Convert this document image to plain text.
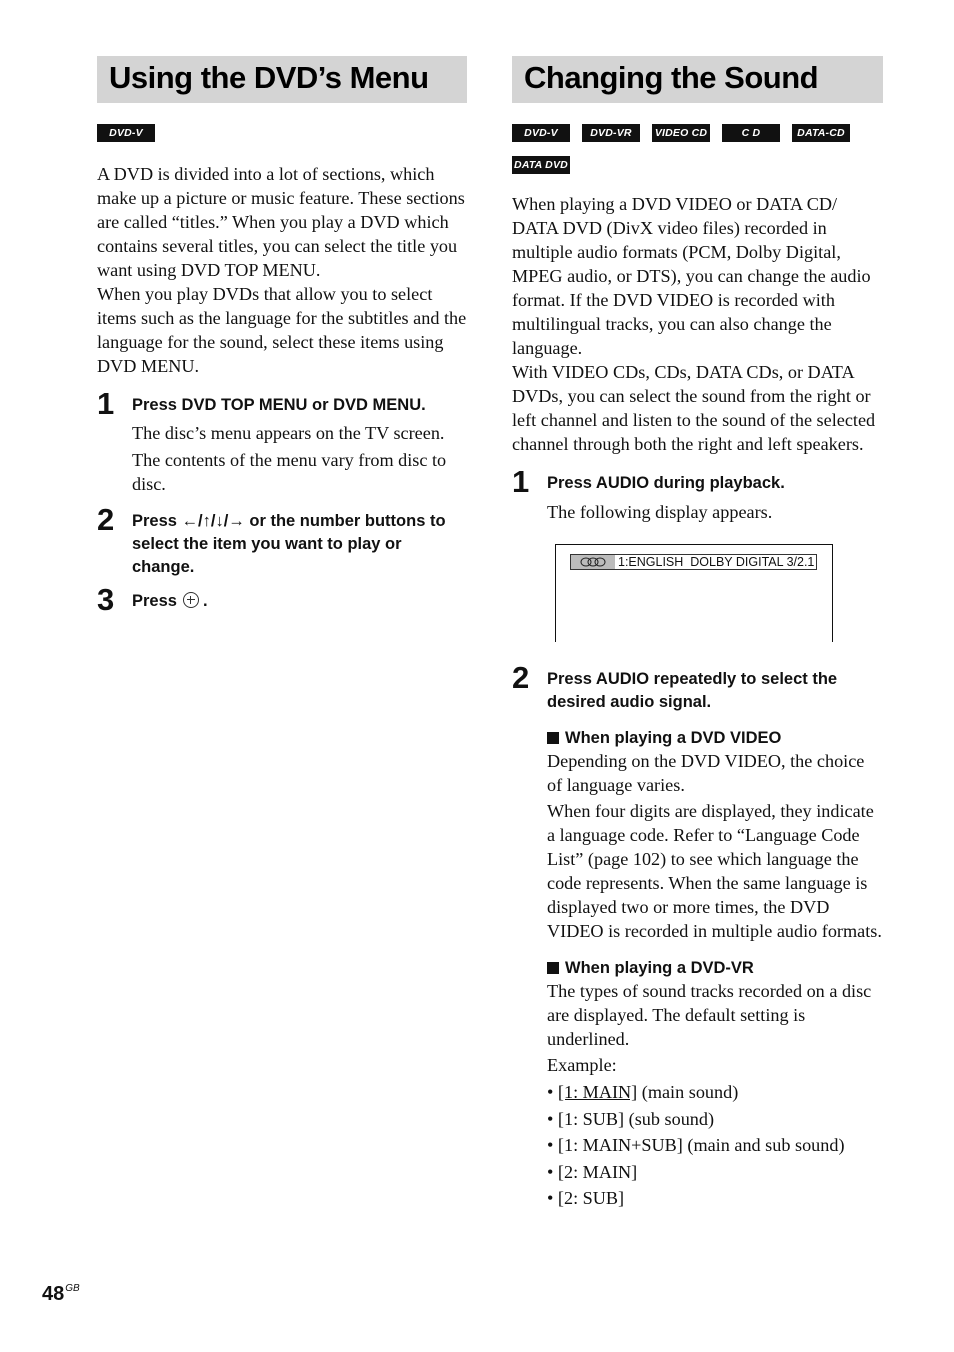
Using the DVD’s Menu
DVD-V

A DVD is divided into a lot of sections, which make up a picture or music feature. These sections are called “titles.” When you play a DVD which contains several titles, you can select the title you want using DVD TOP MENU.

When you play DVDs that allow you to select items such as the language for the subtitles and the language for the sound, select these items using DVD MENU.

1 Press DVD TOP MENU or DVD MENU.

The disc’s menu appears on the TV screen.

The contents of the menu vary from disc to disc.

2 Press ←/↑/↓/→ or the number buttons to select the item you want to play or change.

3 Press .

Changing the Sound
DVD-V	DVD-VR	VIDEO CD	C D	DATA-CD
DATA DVD

When playing a DVD VIDEO or DATA CD/ DATA DVD (DivX video files) recorded in multiple audio formats (PCM, Dolby Digital, MPEG audio, or DTS), you can change the audio format. If the DVD VIDEO is recorded with multilingual tracks, you can also change the language.

With VIDEO CDs, CDs, DATA CDs, or DATA DVDs, you can select the sound from the right or left channel and listen to the sound of the selected channel through both the right and left speakers.

1 Press AUDIO during playback.

The following display appears.

1:ENGLISH  DOLBY DIGITAL 3/2.1
2 Press AUDIO repeatedly to select the desired audio signal.

When playing a DVD VIDEO

Depending on the DVD VIDEO, the choice of language varies.

When four digits are displayed, they indicate a language code. Refer to “Language Code List” (page 102) to see which language the code represents. When the same language is displayed two or more times, the DVD VIDEO is recorded in multiple audio formats.

When playing a DVD-VR

The types of sound tracks recorded on a disc are displayed. The default setting is underlined.

Example:

• [1: MAIN] (main sound)
• [1: SUB] (sub sound)
• [1: MAIN+SUB] (main and sub sound)
• [2: MAIN]
• [2: SUB]
$48^{GB}$
